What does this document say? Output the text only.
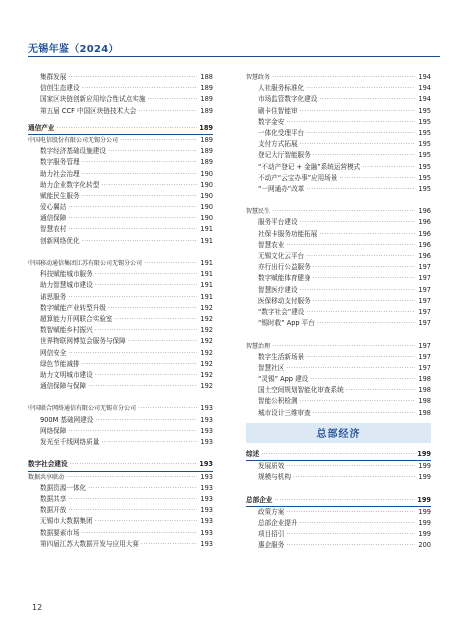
无锡年鉴（2024）
集群发展 ·····	188
信创生态建设 ·····	189
国家区块链创新应用综合性试点实施 ·····	189
第五届 CCF 中国区块链技术大会 ·····	189
通信产业 ·····	189
中国电信股份有限公司无锡分公司 ·····	189
数字经济基础设施建设 ·····	189
数字服务管理 ·····	189
助力社会治理 ·····	190
助力企业数字化转型 ·····	190
赋能民生服务 ·····	190
爱心翼站 ·····	190
通信保障 ·····	190
智慧农村 ·····	191
创新网络优化 ·····	191
中国移动通信集团江苏有限公司无锡分公司 ·····	191
科技赋能城市服务 ·····	191
助力智慧城市建设 ·····	191
诺思服务 ·····	191
数字赋能产业转型升级 ·····	192
超算能力开网联合实验室 ·····	192
数智赋能乡村振兴 ·····	192
世界物联网博览会服务与保障 ·····	192
网信安全 ·····	192
绿色节能减排 ·····	192
助力文明城市建设 ·····	192
通信保障与保障 ·····	192
中国联合网络通信有限公司无锡市分公司 ·····	193
900M 基础网建设 ·····	193
网络保障 ·····	193
发光至千线网络质量 ·····	193
数字社会建设 ·····	193
数据共享联动 ·····	193
数据资源一体化 ·····	193
数据共享 ·····	193
数据开放 ·····	193
无锡市大数据集团 ·····	193
数据要素市场 ·····	193
第四届江苏大数据开发与应用大赛 ·····	193
智慧政务 ·····	194
人社服务标准化 ·····	194
市场监管数字化建设 ·····	194
刷卡住智能审 ·····	195
数字金安 ·····	195
一体化受理平台 ·····	195
支付方式拓展 ·····	195
登记大厅智能服务 ·····	195
“不动产登记 + 金融”系统运营模式 ·····	195
不动产“云宝办事”应用场景 ·····	195
“一网通办”改革 ·····	195
智慧民生 ·····	196
服务平台建设 ·····	196
社保卡服务功能拓展 ·····	196
智慧农业 ·····	196
无锡文化云平台 ·····	196
亦行出行公益服务 ·····	197
数字赋能体育健身 ·····	197
智慧医疗建设 ·····	197
医保移动支付服务 ·····	197
“数字社会”建设 ·····	197
“锡时救” App 平台 ·····	197
智慧治理 ·····	197
数字生活新场景 ·····	197
智慧社区 ·····	197
“灵锡” App 建设 ·····	198
国土空间规划智能化审查系统 ·····	198
智能公积检测 ·····	198
城市设计三维审查 ·····	198
总部经济
综述 ·····	199
发展质效 ·····	199
规模与机构 ·····	199
总部企业 ·····	199
政策方案 ·····	199
总部企业提升 ·····	199
项目招引 ·····	199
惠企服务 ·····	200
12
